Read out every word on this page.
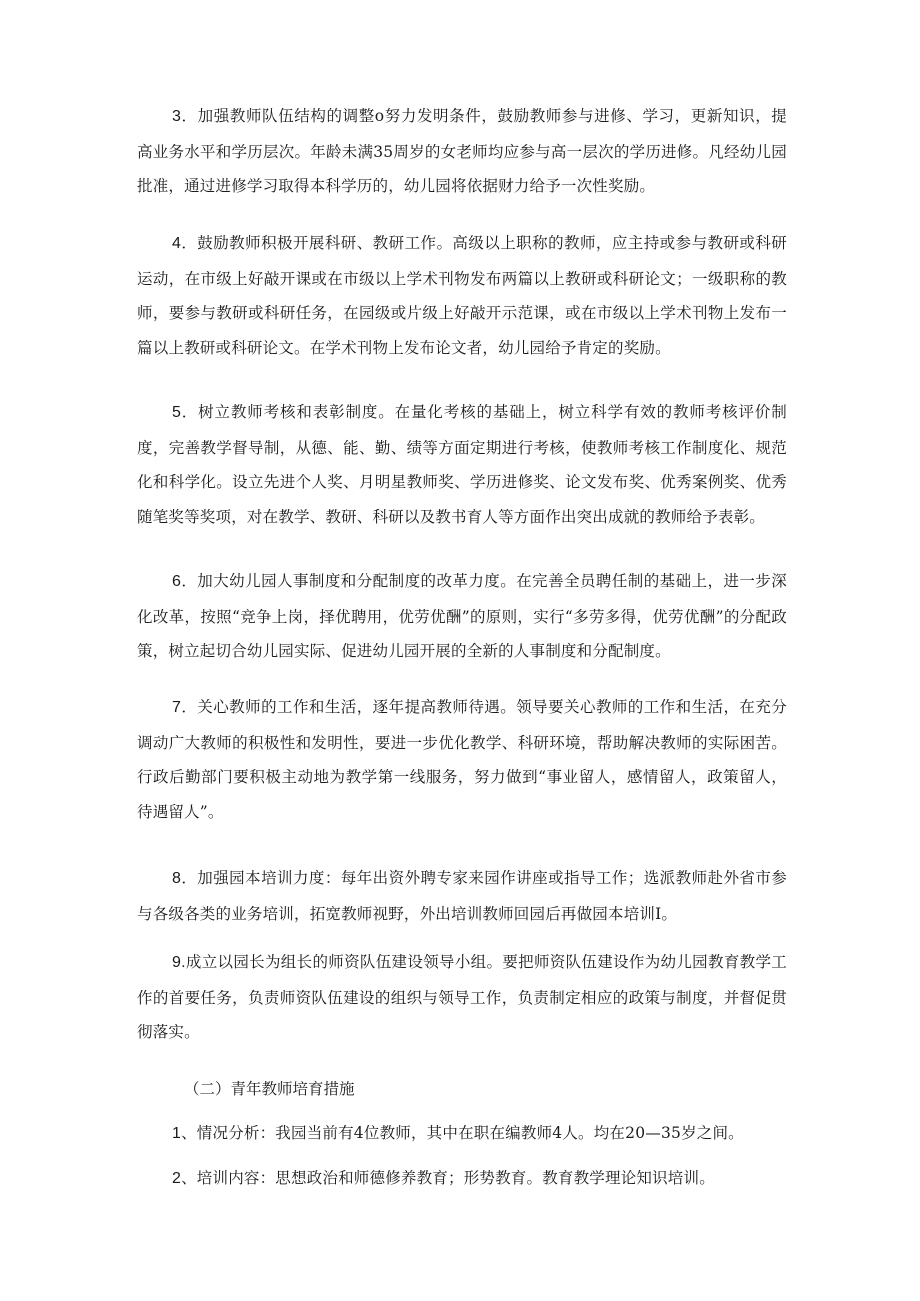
3．加强教师队伍结构的调整o努力发明条件，鼓励教师参与进修、学习，更新知识，提高业务水平和学历层次。年龄未满35周岁的女老师均应参与高一层次的学历进修。凡经幼儿园批准，通过进修学习取得本科学历的，幼儿园将依据财力给予一次性奖励。

4．鼓励教师积极开展科研、教研工作。高级以上职称的教师，应主持或参与教研或科研运动，在市级上好敲开课或在市级以上学术刊物发布两篇以上教研或科研论文；一级职称的教师，要参与教研或科研任务，在园级或片级上好敲开示范课，或在市级以上学术刊物上发布一篇以上教研或科研论文。在学术刊物上发布论文者，幼儿园给予肯定的奖励。

5．树立教师考核和表彰制度。在量化考核的基础上，树立科学有效的教师考核评价制度，完善教学督导制，从德、能、勤、绩等方面定期进行考核，使教师考核工作制度化、规范化和科学化。设立先进个人奖、月明星教师奖、学历进修奖、论文发布奖、优秀案例奖、优秀随笔奖等奖项，对在教学、教研、科研以及教书育人等方面作出突出成就的教师给予表彰。

6．加大幼儿园人事制度和分配制度的改革力度。在完善全员聘任制的基础上，进一步深化改革，按照“竞争上岗，择优聘用，优劳优酬”的原则，实行“多劳多得，优劳优酬”的分配政策，树立起切合幼儿园实际、促进幼儿园开展的全新的人事制度和分配制度。

7．关心教师的工作和生活，逐年提高教师待遇。领导要关心教师的工作和生活，在充分调动广大教师的积极性和发明性，要进一步优化教学、科研环境，帮助解决教师的实际困苦。行政后勤部门要积极主动地为教学第一线服务，努力做到“事业留人，感情留人，政策留人，待遇留人”。

8．加强园本培训力度：每年出资外聘专家来园作讲座或指导工作；选派教师赴外省市参与各级各类的业务培训，拓宽教师视野，外出培训教师回园后再做园本培训I。

9.成立以园长为组长的师资队伍建设领导小组。要把师资队伍建设作为幼儿园教育教学工作的首要任务，负责师资队伍建设的组织与领导工作，负责制定相应的政策与制度，并督促贯彻落实。

（二）青年教师培育措施

1、情况分析：我园当前有4位教师，其中在职在编教师4人。均在20—35岁之间。

2、培训内容：思想政治和师德修养教育；形势教育。教育教学理论知识培训。
